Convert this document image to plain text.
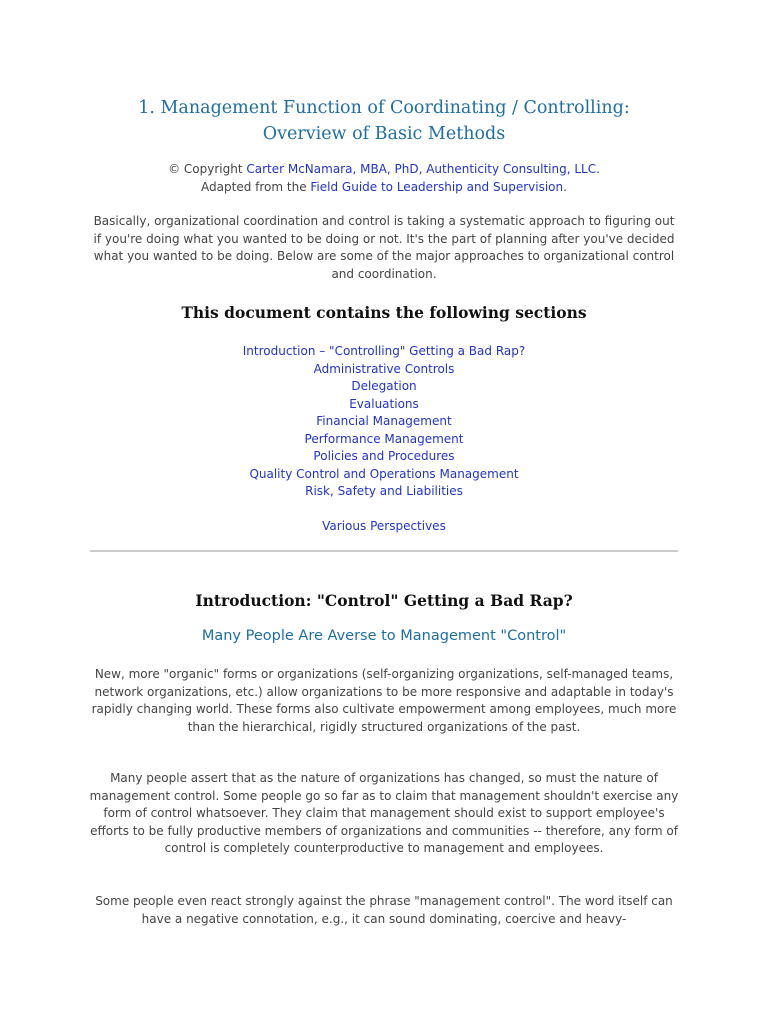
1. Management Function of Coordinating / Controlling:
Overview of Basic Methods
© Copyright Carter McNamara, MBA, PhD, Authenticity Consulting, LLC.
Adapted from the Field Guide to Leadership and Supervision.

Basically, organizational coordination and control is taking a systematic approach to figuring out if you're doing what you wanted to be doing or not. It's the part of planning after you've decided what you wanted to be doing. Below are some of the major approaches to organizational control and coordination.

This document contains the following sections
Introduction – "Controlling" Getting a Bad Rap?
Administrative Controls
Delegation
Evaluations
Financial Management
Performance Management
Policies and Procedures
Quality Control and Operations Management
Risk, Safety and Liabilities
Various Perspectives
Introduction: "Control" Getting a Bad Rap?
Many People Are Averse to Management "Control"

New, more "organic" forms or organizations (self-organizing organizations, self-managed teams, network organizations, etc.) allow organizations to be more responsive and adaptable in today's rapidly changing world. These forms also cultivate empowerment among employees, much more than the hierarchical, rigidly structured organizations of the past.

Many people assert that as the nature of organizations has changed, so must the nature of management control. Some people go so far as to claim that management shouldn't exercise any form of control whatsoever. They claim that management should exist to support employee's efforts to be fully productive members of organizations and communities -- therefore, any form of control is completely counterproductive to management and employees.

Some people even react strongly against the phrase "management control". The word itself can have a negative connotation, e.g., it can sound dominating, coercive and heavy-
